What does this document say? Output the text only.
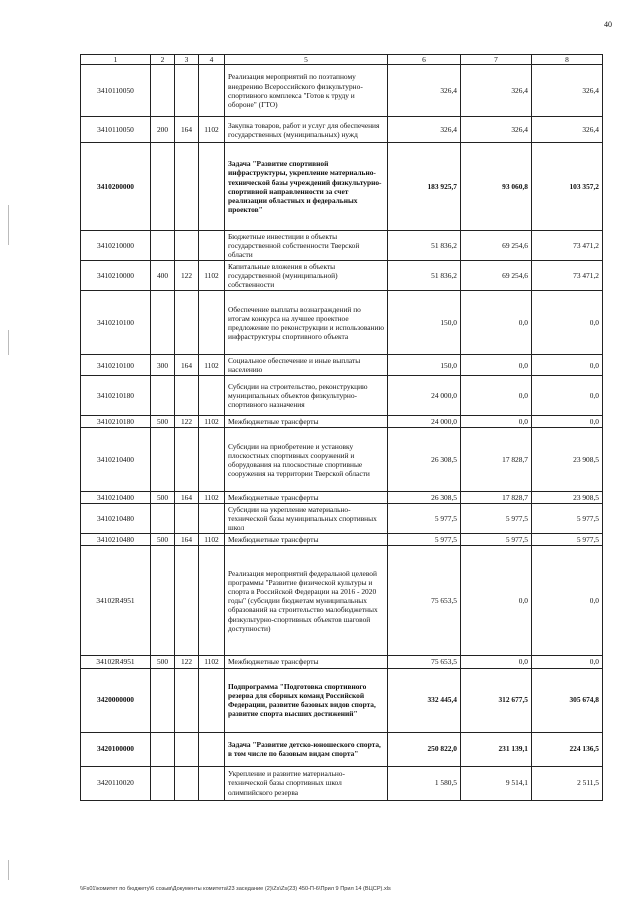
40
1	2	3	4	5	6	7	8
3410110050				Реализация мероприятий по поэтапному внедрению Всероссийского физкультурно-спортивного комплекса "Готов к труду и обороне" (ГТО)	326,4	326,4	326,4
3410110050	200	164	1102	Закупка товаров, работ и услуг для обеспечения государственных (муниципальных) нужд	326,4	326,4	326,4
3410200000				Задача "Развитие спортивной инфраструктуры, укрепление материально-технической базы учреждений физкультурно-спортивной направленности за счет реализации областных и федеральных проектов"	183 925,7	93 060,8	103 357,2
3410210000				Бюджетные инвестиции в объекты государственной собственности Тверской области	51 836,2	69 254,6	73 471,2
3410210000	400	122	1102	Капитальные вложения в объекты государственной (муниципальной) собственности	51 836,2	69 254,6	73 471,2
3410210100				Обеспечение выплаты вознаграждений по итогам конкурса на лучшее проектное предложение по реконструкции и использованию инфраструктуры спортивного объекта	150,0	0,0	0,0
3410210100	300	164	1102	Социальное обеспечение и иные выплаты населению	150,0	0,0	0,0
3410210180				Субсидии на строительство, реконструкцию муниципальных объектов физкультурно-спортивного назначения	24 000,0	0,0	0,0
3410210180	500	122	1102	Межбюджетные трансферты	24 000,0	0,0	0,0
3410210400				Субсидии на приобретение и установку плоскостных спортивных сооружений и оборудования на плоскостные спортивные сооружения на территории Тверской области	26 308,5	17 828,7	23 908,5
3410210400	500	164	1102	Межбюджетные трансферты	26 308,5	17 828,7	23 908,5
3410210480				Субсидии на укрепление материально-технической базы муниципальных спортивных школ	5 977,5	5 977,5	5 977,5
3410210480	500	164	1102	Межбюджетные трансферты	5 977,5	5 977,5	5 977,5
34102R4951				Реализация мероприятий федеральной целевой программы "Развитие физической культуры и спорта в Российской Федерации на 2016 - 2020 годы" (субсидии бюджетам муниципальных образований на строительство малобюджетных физкультурно-спортивных объектов шаговой доступности)	75 653,5	0,0	0,0
34102R4951	500	122	1102	Межбюджетные трансферты	75 653,5	0,0	0,0
3420000000				Подпрограмма "Подготовка спортивного резерва для сборных команд Российской Федерации, развитие базовых видов спорта, развитие спорта высших достижений"	332 445,4	312 677,5	305 674,8
3420100000				Задача "Развитие детско-юношеского спорта, в том числе по базовым видам спорта"	250 822,0	231 139,1	224 136,5
3420110020				Укрепление и развитие материально-технической базы спортивных школ олимпийского резерва	1 580,5	9 514,1	2 511,5
\\Fs01\комитет по бюджету\6 созыв\Документы комитета\23 заседание (2)\Zs\Zs(23) 450-П-6\Прил 9 Прил 14 (ВЦСР).xls
